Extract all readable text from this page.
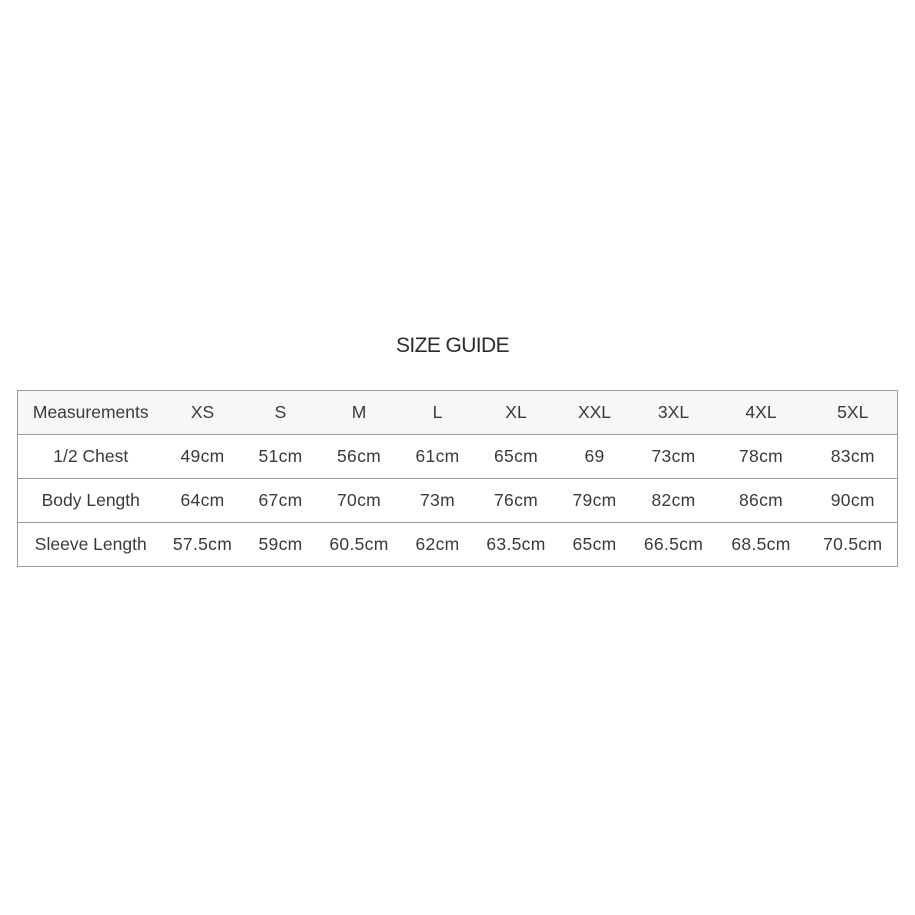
SIZE GUIDE
Measurements	XS	S	M	L	XL	XXL	3XL	4XL	5XL
1/2 Chest	49cm	51cm	56cm	61cm	65cm	69	73cm	78cm	83cm
Body Length	64cm	67cm	70cm	73m	76cm	79cm	82cm	86cm	90cm
Sleeve Length	57.5cm	59cm	60.5cm	62cm	63.5cm	65cm	66.5cm	68.5cm	70.5cm
